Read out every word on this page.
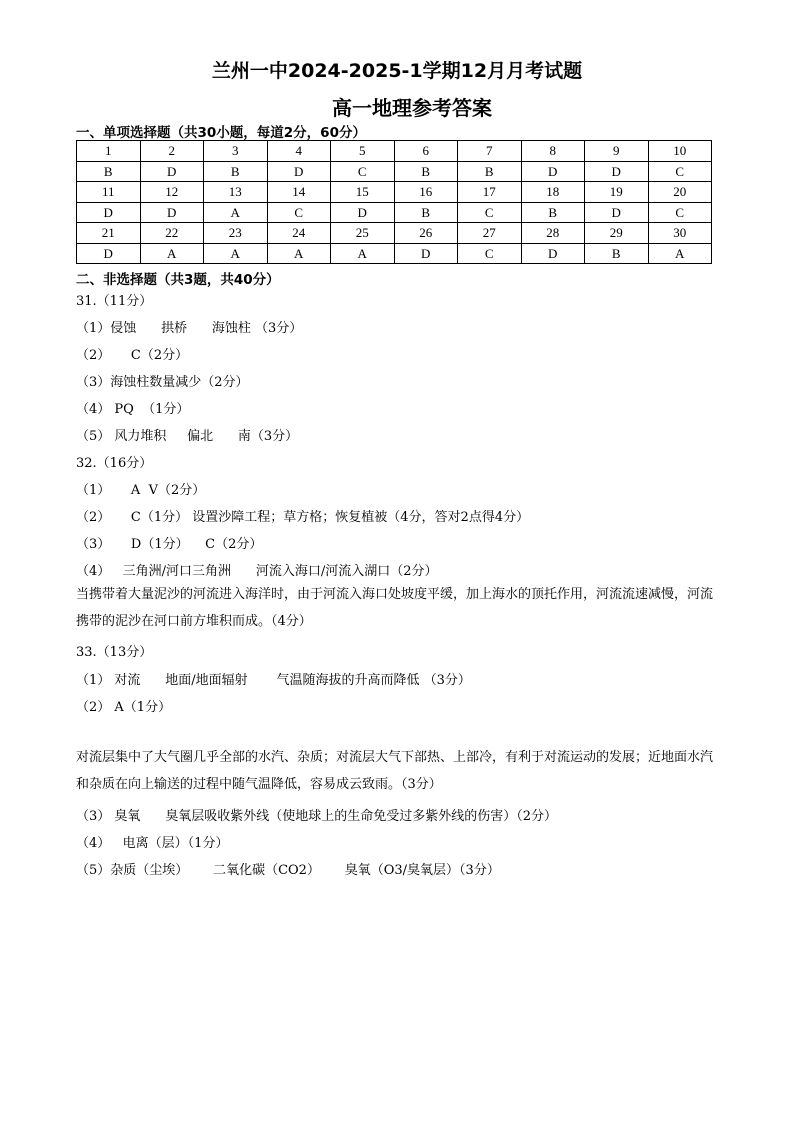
兰州一中2024-2025-1学期12月月考试题
高一地理参考答案
一、单项选择题（共30小题，每道2分，60分）
1	2	3	4	5	6	7	8	9	10
B	D	B	D	C	B	B	D	D	C
11	12	13	14	15	16	17	18	19	20
D	D	A	C	D	B	C	B	D	C
21	22	23	24	25	26	27	28	29	30
D	A	A	A	A	D	C	D	B	A
二、非选择题（共3题，共40分）
31.（11分）
（1）侵蚀      拱桥      海蚀柱 （3分）
（2）     C（2分）
（3）海蚀柱数量减少（2分）
（4） PQ  （1分）
（5） 风力堆积     偏北      南（3分）
32.（16分）
（1）     A  V（2分）
（2）     C（1分） 设置沙障工程；草方格；恢复植被（4分，答对2点得4分）
（3）     D（1分）    C（2分）
（4）   三角洲/河口三角洲      河流入海口/河流入湖口（2分）
当携带着大量泥沙的河流进入海洋时，由于河流入海口处坡度平缓，加上海水的顶托作用，河流流速减慢，河流携带的泥沙在河口前方堆积而成。（4分）
33.（13分）
（1） 对流      地面/地面辐射       气温随海拔的升高而降低 （3分）
（2） A（1分）
对流层集中了大气圈几乎全部的水汽、杂质；对流层大气下部热、上部冷，有利于对流运动的发展；近地面水汽和杂质在向上输送的过程中随气温降低，容易成云致雨。（3分）
（3） 臭氧      臭氧层吸收紫外线（使地球上的生命免受过多紫外线的伤害）（2分）
（4）   电离（层）（1分）
（5）杂质（尘埃）      二氧化碳（CO2）      臭氧（O3/臭氧层）（3分）
